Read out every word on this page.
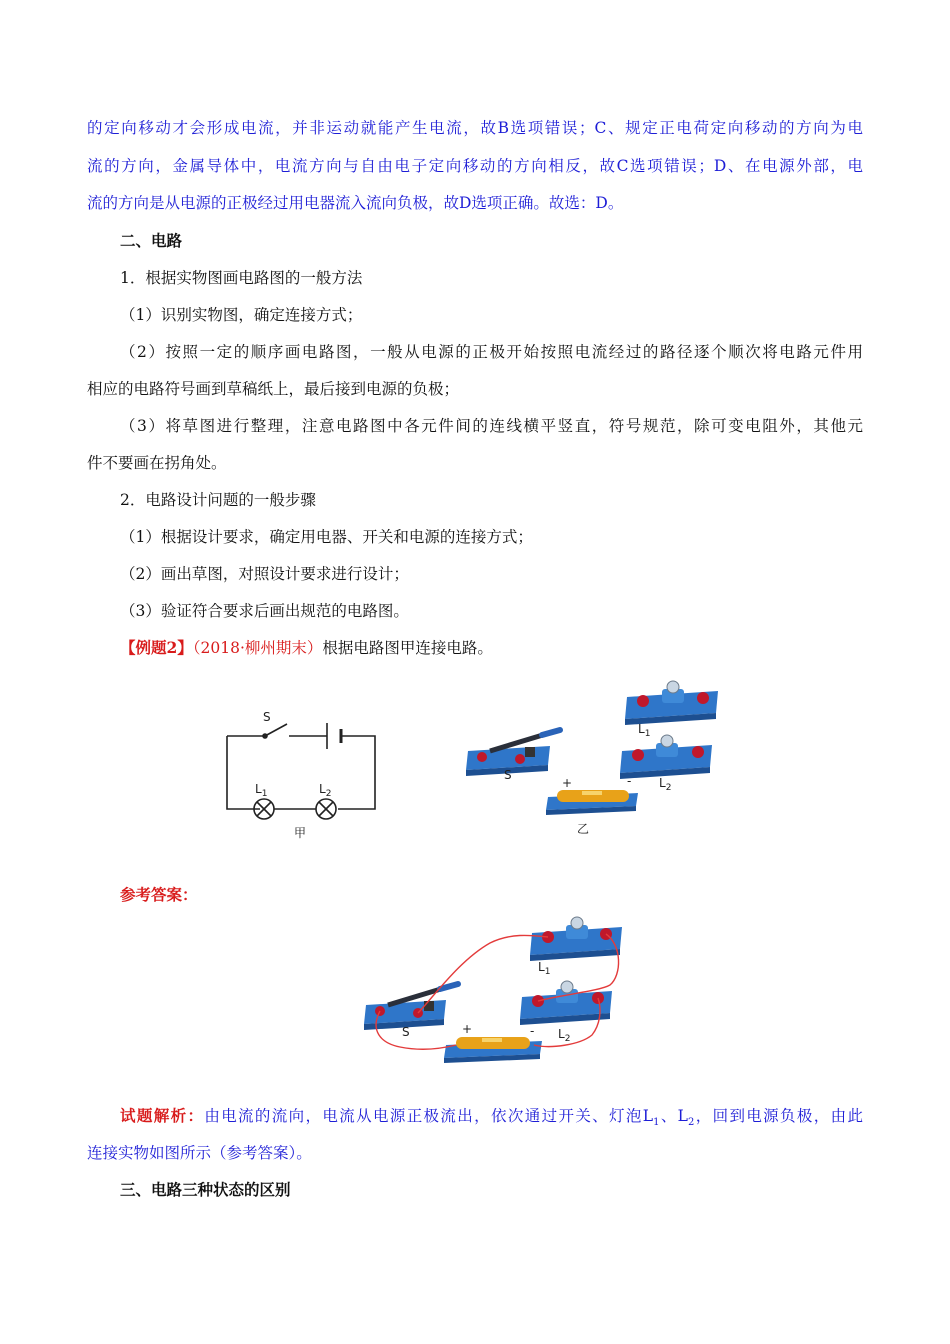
的定向移动才会形成电流，并非运动就能产生电流，故B选项错误；C、规定正电荷定向移动的方向为电
流的方向，金属导体中，电流方向与自由电子定向移动的方向相反，故C选项错误；D、在电源外部，电
流的方向是从电源的正极经过用电器流入流向负极，故D选项正确。故选：D。
二、电路
1．根据实物图画电路图的一般方法
（1）识别实物图，确定连接方式；
（2）按照一定的顺序画电路图，一般从电源的正极开始按照电流经过的路径逐个顺次将电路元件用
相应的电路符号画到草稿纸上，最后接到电源的负极；
（3）将草图进行整理，注意电路图中各元件间的连线横平竖直，符号规范，除可变电阻外，其他元
件不要画在拐角处。
2．电路设计问题的一般步骤
（1）根据设计要求，确定用电器、开关和电源的连接方式；
（2）画出草图，对照设计要求进行设计；
（3）验证符合要求后画出规范的电路图。
【例题2】（2018·柳州期末）根据电路图甲连接电路。
S
$L_1$	$L_2$
甲
$L_1$
$L_2$
S
+	-
乙
参考答案：
$L_1$
$L_2$
S	+	-
试题解析：由电流的流向，电流从电源正极流出，依次通过开关、灯泡$L_1$、$L_2$，回到电源负极，由此
连接实物如图所示（参考答案）。
三、电路三种状态的区别
